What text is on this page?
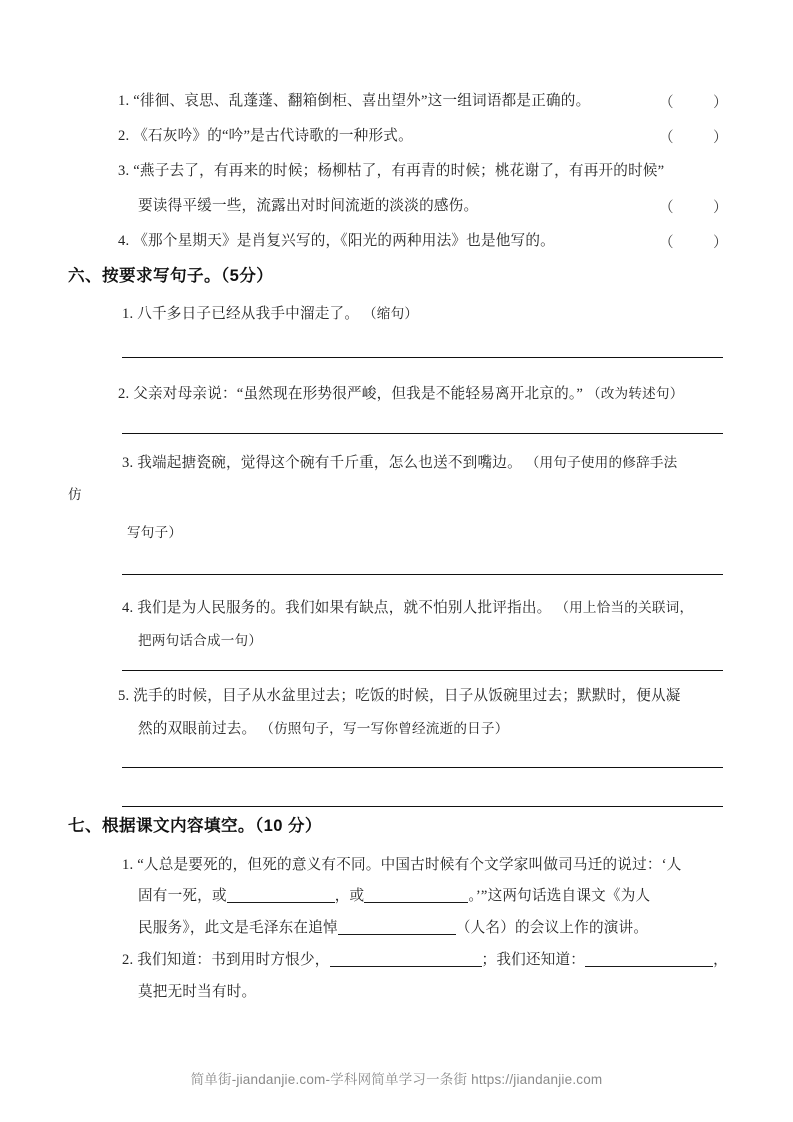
1. “徘徊、哀思、乱蓬蓬、翻箱倒柜、喜出望外”这一组词语都是正确的。	（	）
2. 《石灰吟》的“吟”是古代诗歌的一种形式。	（	）
3. “燕子去了，有再来的时候；杨柳枯了，有再青的时候；桃花谢了，有再开的时候”
要读得平缓一些，流露出对时间流逝的淡淡的感伤。	（	）
4. 《那个星期天》是肖复兴写的，《阳光的两种用法》也是他写的。	（	）
六、按要求写句子。（5分）
1. 八千多日子已经从我手中溜走了。 （缩句）
2. 父亲对母亲说：“虽然现在形势很严峻，但我是不能轻易离开北京的。” （改为转述句）
3. 我端起搪瓷碗，觉得这个碗有千斤重，怎么也送不到嘴边。 （用句子使用的修辞手法
仿
写句子）
4. 我们是为人民服务的。我们如果有缺点，就不怕别人批评指出。 （用上恰当的关联词，
把两句话合成一句）
5. 洗手的时候，目子从水盆里过去；吃饭的时候，日子从饭碗里过去；默默时，便从凝
然的双眼前过去。 （仿照句子，写一写你曾经流逝的日子）
七、根据课文内容填空。（10 分）
1. “人总是要死的，但死的意义有不同。中国古时候有个文学家叫做司马迁的说过：‘人
固有一死，或	，或	。’”这两句话选自课文《为人
民服务》，此文是毛泽东在追悼	（人名）的会议上作的演讲。
2. 我们知道：书到用时方恨少，	；我们还知道：	，
莫把无时当有时。
简单街-jiandanjie.com-学科网简单学习一条街 https://jiandanjie.com
